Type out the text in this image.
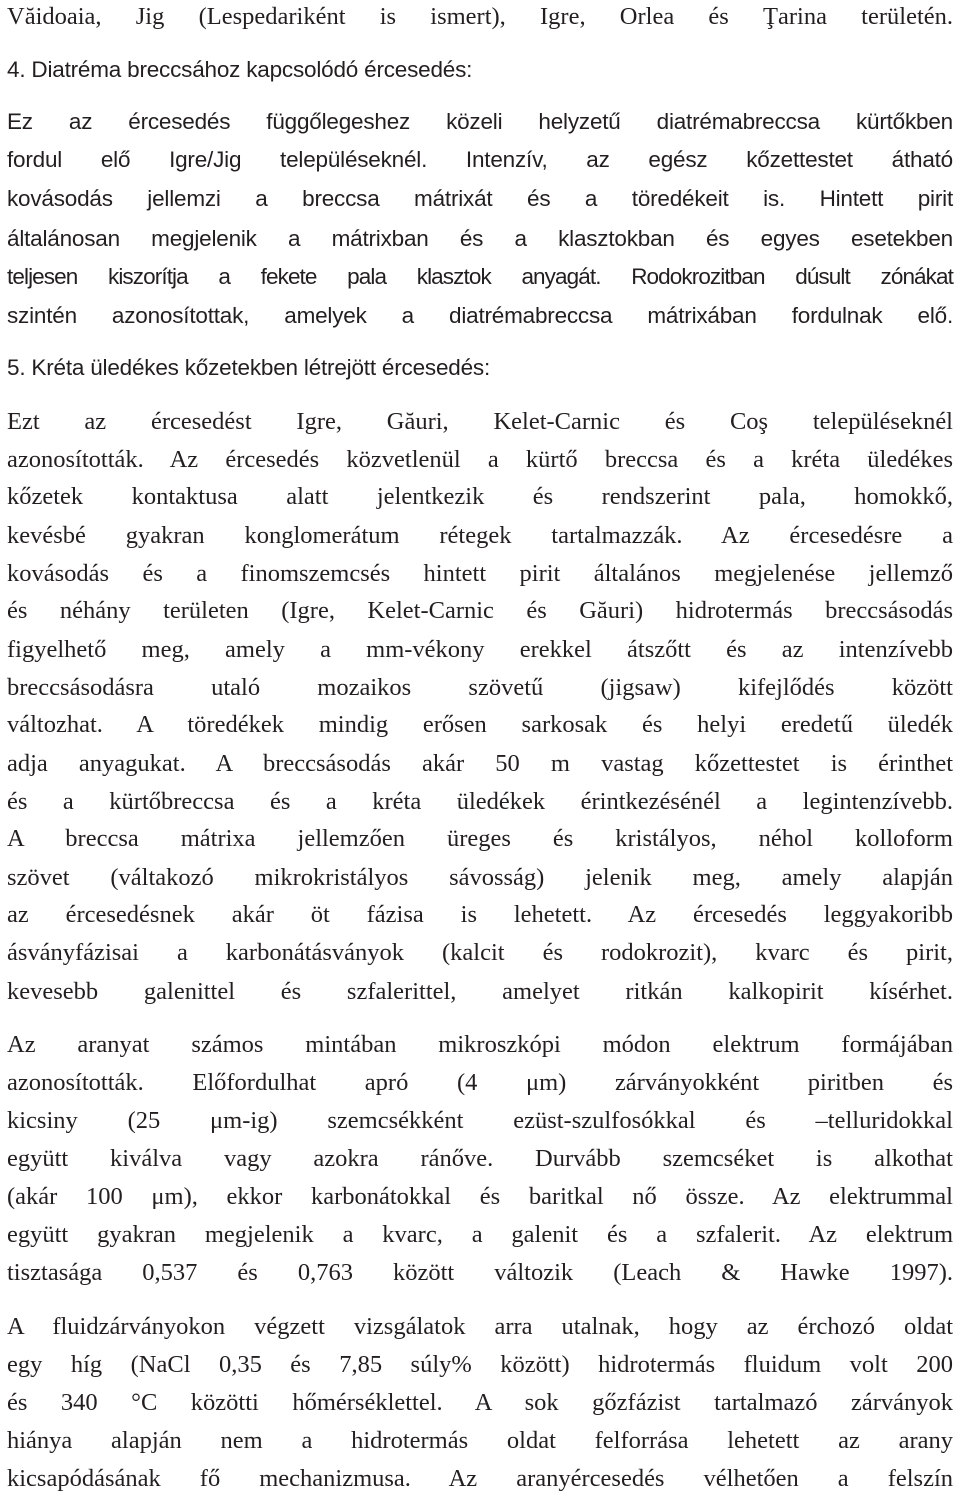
Văidoaia, Jig (Lespedariként is ismert), Igre, Orlea és Ţarina területén.
4. Diatréma breccsához kapcsolódó ércesedés:
Ez az ércesedés függőlegeshez közeli helyzetű diatrémabreccsa kürtőkben
fordul elő Igre/Jig településeknél. Intenzív, az egész kőzettestet átható
kovásodás jellemzi a breccsa mátrixát és a töredékeit is. Hintett pirit
általánosan megjelenik a mátrixban és a klasztokban és egyes esetekben
teljesen kiszorítja a fekete pala klasztok anyagát. Rodokrozitban dúsult zónákat
szintén azonosítottak, amelyek a diatrémabreccsa mátrixában fordulnak elő.
5. Kréta üledékes kőzetekben létrejött ércesedés:
Ezt az ércesedést Igre, Găuri, Kelet-Carnic és Coş településeknél
azonosították. Az ércesedés közvetlenül a kürtő breccsa és a kréta üledékes
kőzetek kontaktusa alatt jelentkezik és rendszerint pala, homokkő,
kevésbé gyakran konglomerátum rétegek tartalmazzák. Az ércesedésre a
kovásodás és a finomszemcsés hintett pirit általános megjelenése jellemző
és néhány területen (Igre, Kelet-Carnic és Găuri) hidrotermás breccsásodás
figyelhető meg, amely a mm-vékony erekkel átszőtt és az intenzívebb
breccsásodásra utaló mozaikos szövetű (jigsaw) kifejlődés között
változhat. A töredékek mindig erősen sarkosak és helyi eredetű üledék
adja anyagukat. A breccsásodás akár 50 m vastag kőzettestet is érinthet
és a kürtőbreccsa és a kréta üledékek érintkezésénél a legintenzívebb.
A breccsa mátrixa jellemzően üreges és kristályos, néhol kolloform
szövet (váltakozó mikrokristályos sávosság) jelenik meg, amely alapján
az ércesedésnek akár öt fázisa is lehetett. Az ércesedés leggyakoribb
ásványfázisai a karbonátásványok (kalcit és rodokrozit), kvarc és pirit,
kevesebb galenittel és szfalerittel, amelyet ritkán kalkopirit kísérhet.
Az aranyat számos mintában mikroszkópi módon elektrum formájában
azonosították. Előfordulhat apró (4 μm) zárványokként piritben és
kicsiny (25 μm-ig) szemcsékként ezüst-szulfosókkal és –telluridokkal
együtt kiválva vagy azokra ránőve. Durvább szemcséket is alkothat
(akár 100 μm), ekkor karbonátokkal és baritkal nő össze. Az elektrummal
együtt gyakran megjelenik a kvarc, a galenit és a szfalerit. Az elektrum
tisztasága 0,537 és 0,763 között változik (Leach & Hawke 1997).
A fluidzárványokon végzett vizsgálatok arra utalnak, hogy az érchozó oldat
egy híg (NaCl 0,35 és 7,85 súly% között) hidrotermás fluidum volt 200
és 340 °C közötti hőmérséklettel. A sok gőzfázist tartalmazó zárványok
hiánya alapján nem a hidrotermás oldat felforrása lehetett az arany
kicsapódásának fő mechanizmusa. Az aranyércesedés vélhetően a felszín
